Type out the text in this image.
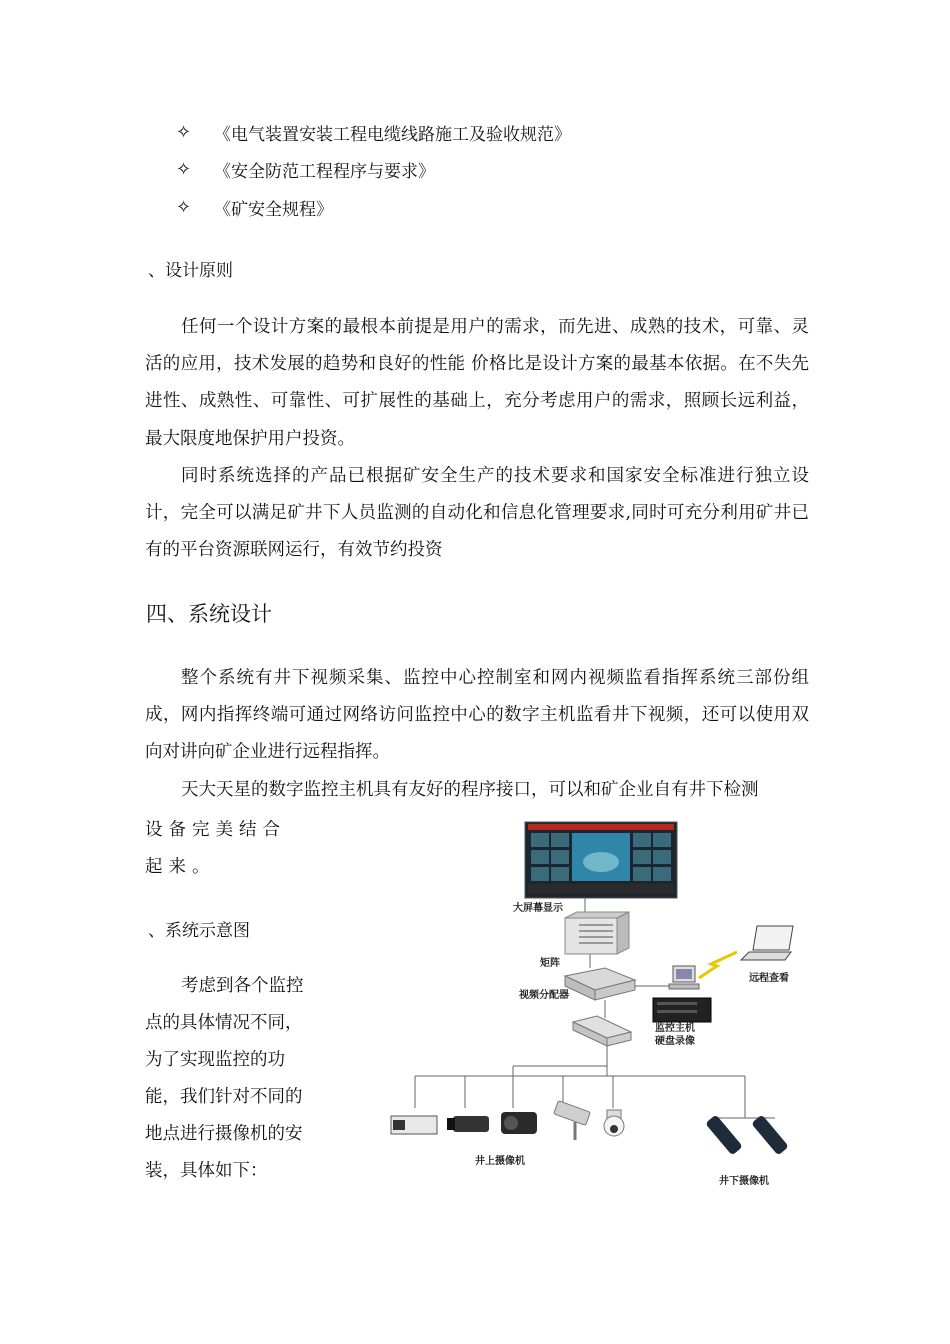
✧	《电气装置安装工程电缆线路施工及验收规范》
✧	《安全防范工程程序与要求》
✧	《矿安全规程》
、设计原则

任何一个设计方案的最根本前提是用户的需求，而先进、成熟的技术，可靠、灵活的应用，技术发展的趋势和良好的性能 价格比是设计方案的最基本依据。在不失先进性、成熟性、可靠性、可扩展性的基础上，充分考虑用户的需求，照顾长远利益，最大限度地保护用户投资。

同时系统选择的产品已根据矿安全生产的技术要求和国家安全标准进行独立设计，完全可以满足矿井下人员监测的自动化和信息化管理要求,同时可充分利用矿井已有的平台资源联网运行，有效节约投资

四、系统设计

整个系统有井下视频采集、监控中心控制室和网内视频监看指挥系统三部份组成，网内指挥终端可通过网络访问监控中心的数字主机监看井下视频，还可以使用双向对讲向矿企业进行远程指挥。

天大天星的数字监控主机具有友好的程序接口，可以和矿企业自有井下检测

设备完美结合起来。

、系统示意图

考虑到各个监控点的具体情况不同，为了实现监控的功能，我们针对不同的地点进行摄像机的安装，具体如下：

大屏幕显示
矩阵
视频分配器
监控主机
硬盘录像
远程查看
井上摄像机
井下摄像机
